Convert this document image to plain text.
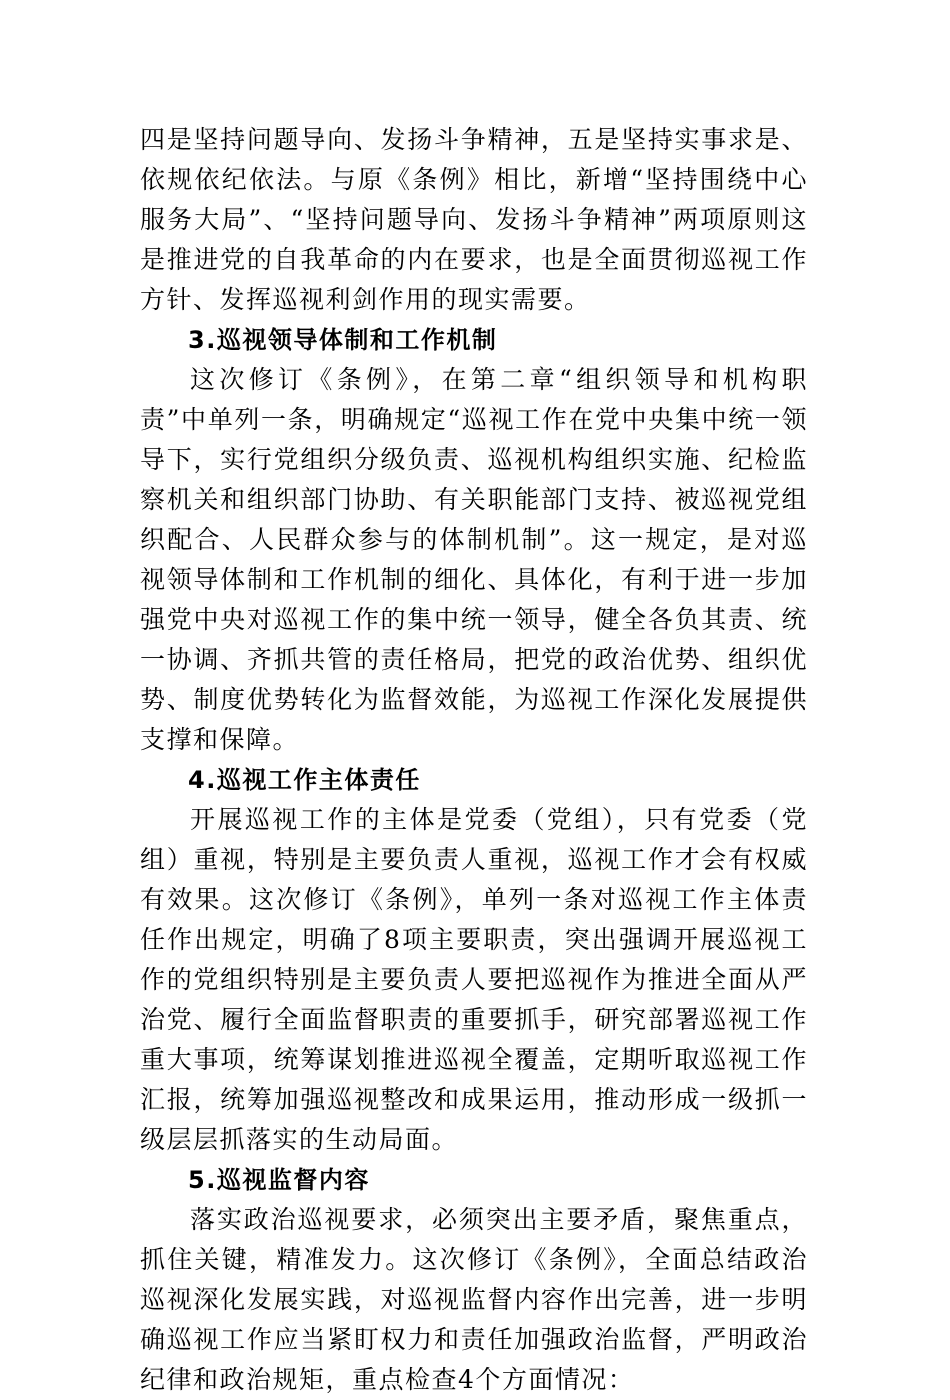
四是坚持问题导向、发扬斗争精神，五是坚持实事求是、依规依纪依法。与原《条例》相比，新增“坚持围绕中心服务大局”、“坚持问题导向、发扬斗争精神”两项原则这是推进党的自我革命的内在要求，也是全面贯彻巡视工作方针、发挥巡视利剑作用的现实需要。

3.巡视领导体制和工作机制

这次修订《条例》，在第二章“组织领导和机构职责”中单列一条，明确规定“巡视工作在党中央集中统一领导下，实行党组织分级负责、巡视机构组织实施、纪检监察机关和组织部门协助、有关职能部门支持、被巡视党组织配合、人民群众参与的体制机制”。这一规定，是对巡视领导体制和工作机制的细化、具体化，有利于进一步加强党中央对巡视工作的集中统一领导，健全各负其责、统一协调、齐抓共管的责任格局，把党的政治优势、组织优势、制度优势转化为监督效能，为巡视工作深化发展提供支撑和保障。

4.巡视工作主体责任

开展巡视工作的主体是党委（党组），只有党委（党组）重视，特别是主要负责人重视，巡视工作才会有权威有效果。这次修订《条例》，单列一条对巡视工作主体责任作出规定，明确了8项主要职责，突出强调开展巡视工作的党组织特别是主要负责人要把巡视作为推进全面从严治党、履行全面监督职责的重要抓手，研究部署巡视工作重大事项，统筹谋划推进巡视全覆盖，定期听取巡视工作汇报，统筹加强巡视整改和成果运用，推动形成一级抓一级层层抓落实的生动局面。

5.巡视监督内容

落实政治巡视要求，必须突出主要矛盾，聚焦重点，抓住关键，精准发力。这次修订《条例》，全面总结政治巡视深化发展实践，对巡视监督内容作出完善，进一步明确巡视工作应当紧盯权力和责任加强政治监督，严明政治纪律和政治规矩，重点检查4个方面情况：
